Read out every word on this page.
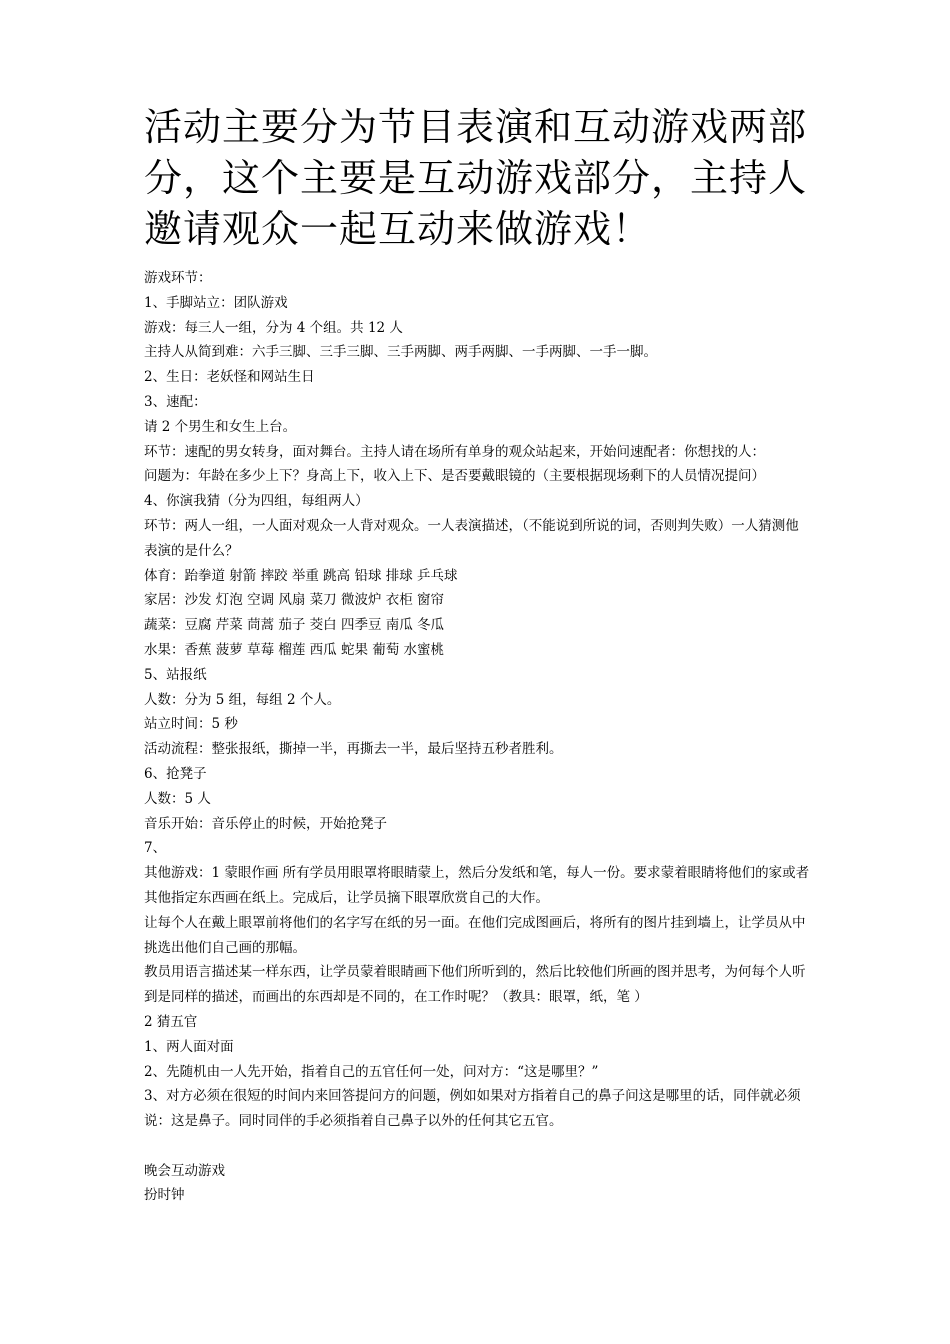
活动主要分为节目表演和互动游戏两部分，这个主要是互动游戏部分，主持人邀请观众一起互动来做游戏！

游戏环节：

1、手脚站立：团队游戏

游戏：每三人一组，分为 4 个组。共 12 人

主持人从简到难：六手三脚、三手三脚、三手两脚、两手两脚、一手两脚、一手一脚。

2、生日：老妖怪和网站生日

3、速配：

请 2 个男生和女生上台。

环节：速配的男女转身，面对舞台。主持人请在场所有单身的观众站起来，开始问速配者：你想找的人：

问题为：年龄在多少上下？身高上下，收入上下、是否要戴眼镜的（主要根据现场剩下的人员情况提问）

4、你演我猜（分为四组，每组两人）

环节：两人一组，一人面对观众一人背对观众。一人表演描述，（不能说到所说的词，否则判失败）一人猜测他表演的是什么？

体育：跆拳道 射箭 摔跤 举重 跳高 铅球 排球 乒乓球

家居：沙发 灯泡 空调 风扇 菜刀 微波炉 衣柜 窗帘

蔬菜：豆腐 芹菜 茼蒿 茄子 茭白 四季豆 南瓜 冬瓜

水果：香蕉 菠萝 草莓 榴莲 西瓜 蛇果 葡萄 水蜜桃

5、站报纸

人数：分为 5 组，每组 2 个人。

站立时间：5 秒

活动流程：整张报纸，撕掉一半，再撕去一半，最后坚持五秒者胜利。

6、抢凳子

人数：5 人

音乐开始：音乐停止的时候，开始抢凳子

7、

其他游戏：1 蒙眼作画 所有学员用眼罩将眼睛蒙上，然后分发纸和笔，每人一份。要求蒙着眼睛将他们的家或者其他指定东西画在纸上。完成后，让学员摘下眼罩欣赏自己的大作。

让每个人在戴上眼罩前将他们的名字写在纸的另一面。在他们完成图画后，将所有的图片挂到墙上，让学员从中挑选出他们自己画的那幅。

教员用语言描述某一样东西，让学员蒙着眼睛画下他们所听到的，然后比较他们所画的图并思考，为何每个人听到是同样的描述，而画出的东西却是不同的，在工作时呢？（教具：眼罩，纸，笔 ）

2 猜五官

1、两人面对面

2、先随机由一人先开始，指着自己的五官任何一处，问对方：“这是哪里？”

3、对方必须在很短的时间内来回答提问方的问题，例如如果对方指着自己的鼻子问这是哪里的话，同伴就必须说：这是鼻子。同时同伴的手必须指着自己鼻子以外的任何其它五官。

晚会互动游戏

扮时钟
